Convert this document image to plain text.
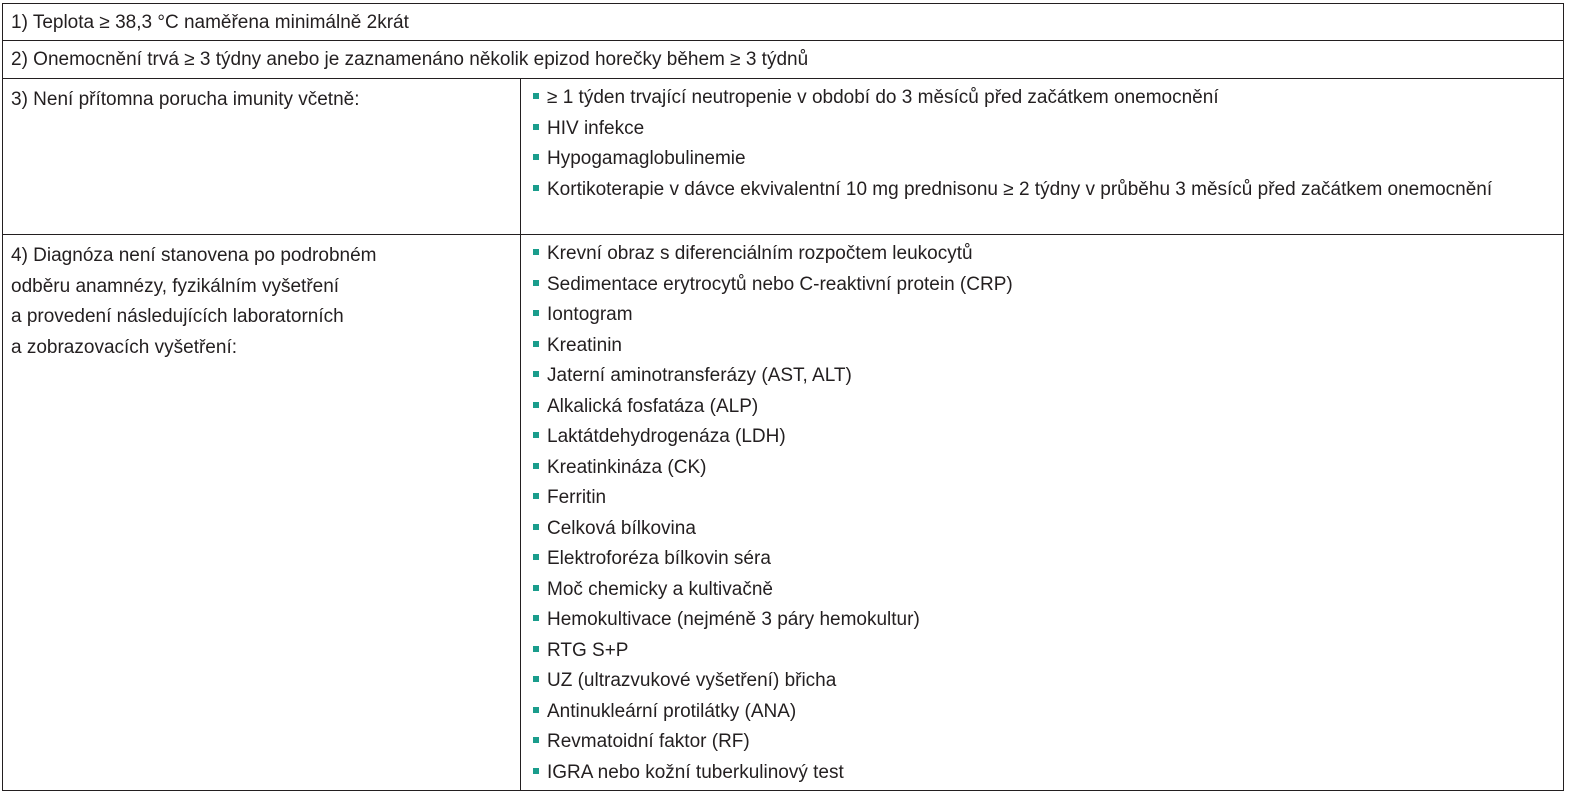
1) Teplota ≥ 38,3 °C naměřena minimálně 2krát
2) Onemocnění trvá ≥ 3 týdny anebo je zaznamenáno několik epizod horečky během ≥ 3 týdnů
3) Není přítomna porucha imunity včetně:	≥ 1 týden trvající neutropenie v období do 3 měsíců před začátkem onemocnění
HIV infekce
Hypogamaglobulinemie
Kortikoterapie v dávce ekvivalentní 10 mg prednisonu ≥ 2 týdny v průběhu 3 měsíců před začátkem onemocnění
4) Diagnóza není stanovena po podrobném
odběru anamnézy, fyzikálním vyšetření
a provedení následujících laboratorních
a zobrazovacích vyšetření:
Krevní obraz s diferenciálním rozpočtem leukocytů
Sedimentace erytrocytů nebo C-reaktivní protein (CRP)
Iontogram
Kreatinin
Jaterní aminotransferázy (AST, ALT)
Alkalická fosfatáza (ALP)
Laktátdehydrogenáza (LDH)
Kreatinkináza (CK)
Ferritin
Celková bílkovina
Elektroforéza bílkovin séra
Moč chemicky a kultivačně
Hemokultivace (nejméně 3 páry hemokultur)
RTG S+P
UZ (ultrazvukové vyšetření) břicha
Antinukleární protilátky (ANA)
Revmatoidní faktor (RF)
IGRA nebo kožní tuberkulinový test
